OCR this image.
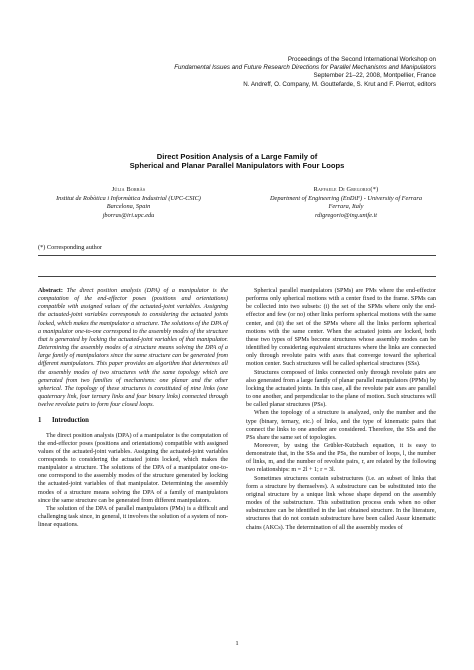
Proceedings of the Second International Workshop on
Fundamental Issues and Future Research Directions for Parallel Mechanisms and Manipulators
September 21–22, 2008, Montpellier, France
N. Andreff, O. Company, M. Gouttefarde, S. Krut and F. Pierrot, editors
Direct Position Analysis of a Large Family of
Spherical and Planar Parallel Manipulators with Four Loops
Júlia Borràs
Institut de Robòtica i Informàtica Industrial (UPC-CSIC)
Barcelona, Spain
jborras@iri.upc.edu
Raffaele Di Gregorio(*)
Department of Engineering (EnDiF) - University of Ferrara
Ferrara, Italy
rdigregorio@ing.unife.it
(*) Corresponding author

Abstract: The direct position analysis (DPA) of a manipulator is the computation of the end-effector poses (positions and orientations) compatible with assigned values of the actuated-joint variables. Assigning the actuated-joint variables corresponds to considering the actuated joints locked, which makes the manipulator a structure. The solutions of the DPA of a manipulator one-to-one correspond to the assembly modes of the structure that is generated by locking the actuated-joint variables of that manipulator. Determining the assembly modes of a structure means solving the DPA of a large family of manipulators since the same structure can be generated from different manipulators. This paper provides an algorithm that determines all the assembly modes of two structures with the same topology which are generated from two families of mechanisms: one planar and the other spherical. The topology of these structures is constituted of nine links (one quaternary link, four ternary links and four binary links) connected through twelve revolute pairs to form four closed loops.

1 Introduction

The direct position analysis (DPA) of a manipulator is the computation of the end-effector poses (positions and orientations) compatible with assigned values of the actuated-joint variables. Assigning the actuated-joint variables corresponds to considering the actuated joints locked, which makes the manipulator a structure. The solutions of the DPA of a manipulator one-to-one correspond to the assembly modes of the structure generated by locking the actuated-joint variables of that manipulator. Determining the assembly modes of a structure means solving the DPA of a family of manipulators since the same structure can be generated from different manipulators.

The solution of the DPA of parallel manipulators (PMs) is a difficult and challenging task since, in general, it involves the solution of a system of non-linear equations.

Spherical parallel manipulators (SPMs) are PMs where the end-effector performs only spherical motions with a center fixed to the frame. SPMs can be collected into two subsets: (i) the set of the SPMs where only the end-effector and few (or no) other links perform spherical motions with the same center, and (ii) the set of the SPMs where all the links perform spherical motions with the same center. When the actuated joints are locked, both these two types of SPMs become structures whose assembly modes can be identified by considering equivalent structures where the links are connected only through revolute pairs with axes that converge toward the spherical motion center. Such structures will be called spherical structures (SSs).

Structures composed of links connected only through revolute pairs are also generated from a large family of planar parallel manipulators (PPMs) by locking the actuated joints. In this case, all the revolute pair axes are parallel to one another, and perpendicular to the plane of motion. Such structures will be called planar structures (PSs).

When the topology of a structure is analyzed, only the number and the type (binary, ternary, etc.) of links, and the type of kinematic pairs that connect the links to one another are considered. Therefore, the SSs and the PSs share the same set of topologies.

Moreover, by using the Grübler-Kutzbach equation, it is easy to demonstrate that, in the SSs and the PSs, the number of loops, l, the number of links, m, and the number of revolute pairs, r, are related by the following two relationships: m = 2l + 1; r = 3l.

Sometimes structures contain substructures (i.e. an subset of links that form a structure by themselves). A substructure can be substituted into the original structure by a unique link whose shape depend on the assembly modes of the substructure. This substitution process ends when no other substructure can be identified in the last obtained structure. In the literature, structures that do not contain substructure have been called Assur kinematic chains (AKCs). The determination of all the assembly modes of

1
